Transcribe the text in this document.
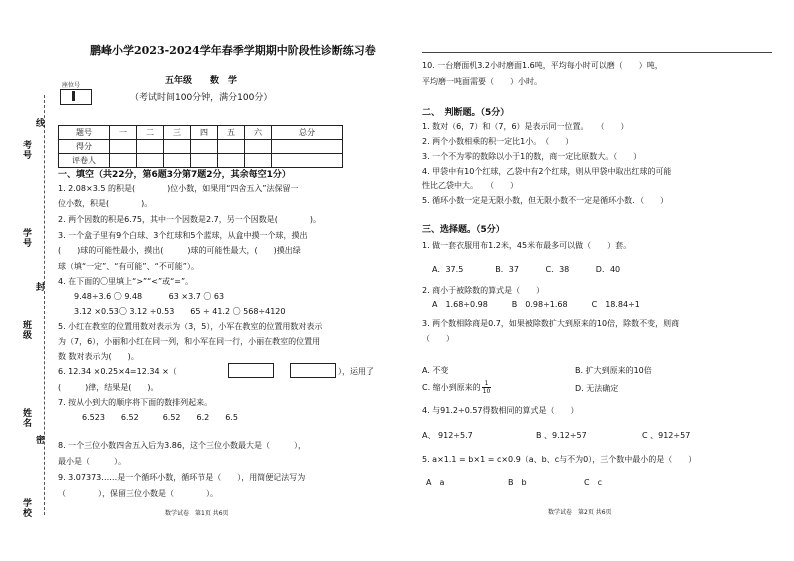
考号
学号
班级
姓名
学校
线
封
密
鹏峰小学2023-2024学年春季学期期中阶段性诊断练习卷
座位号	五年级　　数　学
（考试时间100分钟，满分100分）
题号	一	二	三	四	五	六	总分
得分							
评卷人							
一、填空（共22分，第6题3分第7题2分，其余每空1分）
1. 2.08×3.5 的积是(　　　　)位小数，如果用“四舍五入”法保留一
位小数，积是(　　　　)。
2. 两个因数的积是6.75，其中一个因数是2.7，另一个因数是(　　　　)。
3. 一个盒子里有9个白球、3个红球和5个蓝球，从盒中摸一个球，摸出
(　　)球的可能性最小，摸出(　　　)球的可能性最大，(　　)摸出绿
球（填“一定”、“有可能”、“不可能”）。
4. 在下面的〇里填上“>”“<”或“=”。
9.48÷3.6 〇 9.48　　　 63 ×3.7 〇 63
3.12 ×0.53〇 3.12 ÷0.53　　65 ÷ 41.2 〇 568÷4120
5. 小红在教室的位置用数对表示为（3，5），小军在教室的位置用数对表示
为（7，6），小丽和小红在同一列，和小军在同一行，小丽在教室的位置用
数 数对表示为(　　)。
6. 12.34 ×0.25×4=12.34 ×（	），运用了
(　　　)律，结果是(　　)。
7. 按从小到大的顺序将下面的数排列起来。
6.523　　6.52　　　6.52　　6.2　　6.5
8. 一个三位小数四舍五入后为3.86，这个三位小数最大是（　　　），
最小是（　　　）。
9. 3.07373……是一个循环小数，循环节是（　　），用简便记法写为
（　　　　），保留三位小数是（　　　　）。
数学试卷　第1页 共6页
10. 一台磨面机3.2小时磨面1.6吨，平均每小时可以磨（　　）吨，
平均磨一吨面需要（　　）小时。
二、　判断题。（5分）
1. 数对（6，7）和（7，6）是表示同一位置。　　（　　）
2. 两个小数相乘的积一定比1小。　（　　）
3. 一个不为零的数除以小于1的数，商一定比原数大。（　　）
4. 甲袋中有10个红球，乙袋中有2个红球，则从甲袋中取出红球的可能
性比乙袋中大。　　（　　）
5. 循环小数一定是无限小数，但无限小数不一定是循环小数．（　　）
三、选择题。（5分）
1. 做一套衣服用布1.2米，45米布最多可以做（　　）套。
A．37.5　　　　B．37　　　 C．38　　　 D．40
2. 商小于被除数的算式是（　　）
A　1.68÷0.98　　　B　0.98÷1.68　　　C　18.84÷1
3. 两个数相除商是0.7，如果被除数扩大到原来的10倍，除数不变，则商
（　　）
A. 不变	B. 扩大到原来的10倍
C. 缩小到原来的 $\frac{1}{10}$	D. 无法确定
4. 与91.2÷0.57得数相同的算式是（　　）
A、 912÷5.7	B 、9.12÷57	C 、912÷57
5. a×1.1 = b×1 = c×0.9（a、b、c与不为0），三个数中最小的是（　　）
A　a	B　b	C　c
数学试卷　第2页 共6页
